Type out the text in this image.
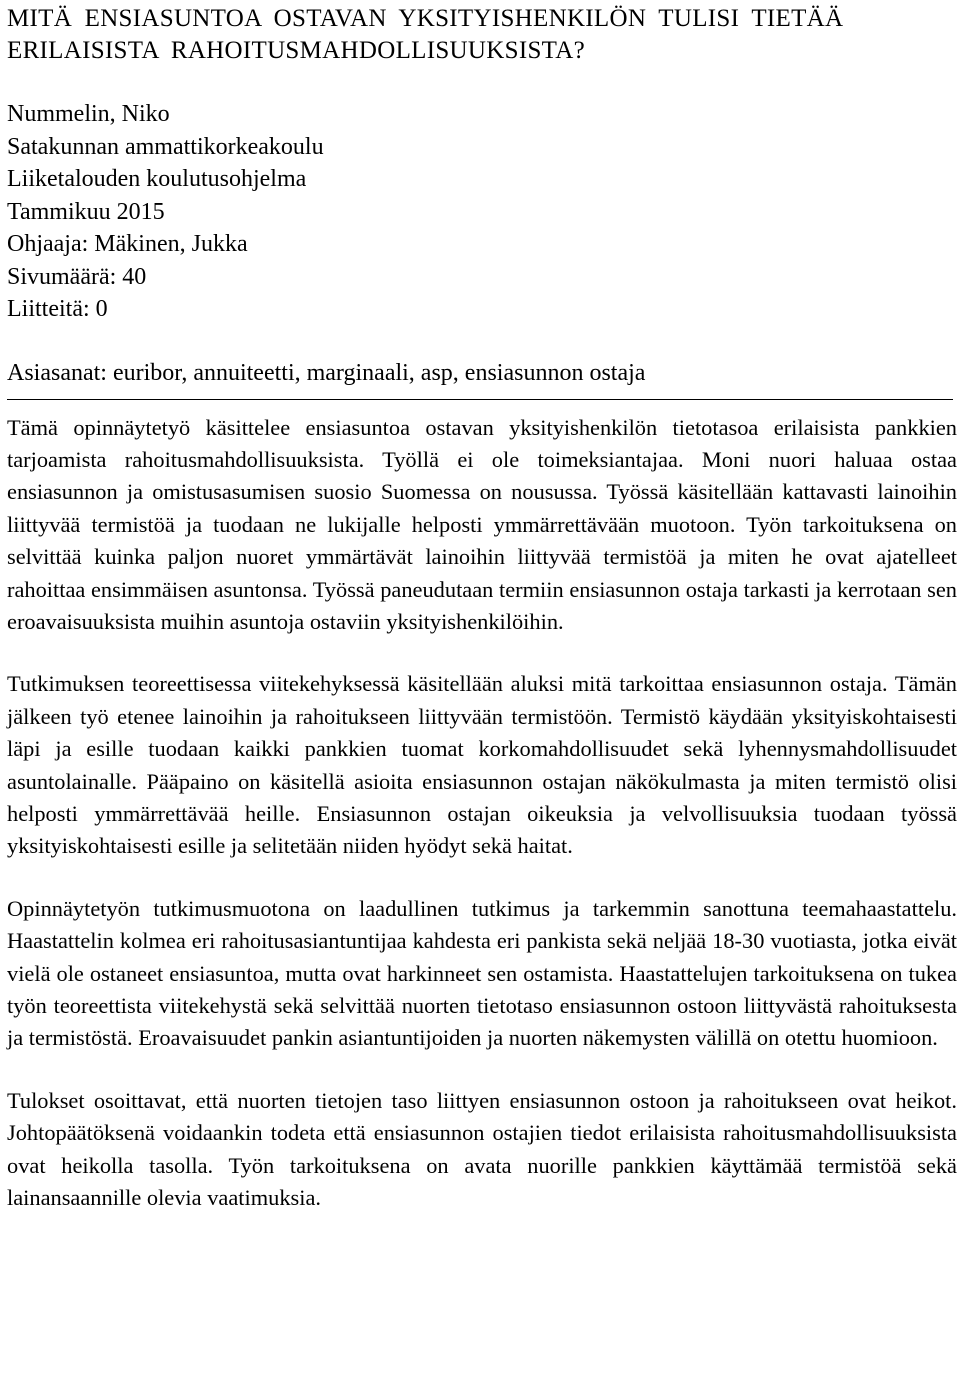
MITÄ ENSIASUNTOA OSTAVAN YKSITYISHENKILÖN TULISI TIETÄÄ ERILAISISTA RAHOITUSMAHDOLLISUUKSISTA?
Nummelin, Niko
Satakunnan ammattikorkeakoulu
Liiketalouden koulutusohjelma
Tammikuu 2015
Ohjaaja: Mäkinen, Jukka
Sivumäärä: 40
Liitteitä: 0
Asiasanat: euribor, annuiteetti, marginaali, asp, ensiasunnon ostaja

Tämä opinnäytetyö käsittelee ensiasuntoa ostavan yksityishenkilön tietotasoa erilaisista pankkien tarjoamista rahoitusmahdollisuuksista. Työllä ei ole toimeksiantajaa. Moni nuori haluaa ostaa ensiasunnon ja omistusasumisen suosio Suomessa on nousussa. Työssä käsitellään kattavasti lainoihin liittyvää termistöä ja tuodaan ne lukijalle helposti ymmärrettävään muotoon. Työn tarkoituksena on selvittää kuinka paljon nuoret ymmärtävät lainoihin liittyvää termistöä ja miten he ovat ajatelleet rahoittaa ensimmäisen asuntonsa. Työssä paneudutaan termiin ensiasunnon ostaja tarkasti ja kerrotaan sen eroavaisuuksista muihin asuntoja ostaviin yksityishenkilöihin.

Tutkimuksen teoreettisessa viitekehyksessä käsitellään aluksi mitä tarkoittaa ensiasunnon ostaja. Tämän jälkeen työ etenee lainoihin ja rahoitukseen liittyvään termistöön. Termistö käydään yksityiskohtaisesti läpi ja esille tuodaan kaikki pankkien tuomat korkomahdollisuudet sekä lyhennysmahdollisuudet asuntolainalle. Pääpaino on käsitellä asioita ensiasunnon ostajan näkökulmasta ja miten termistö olisi helposti ymmärrettävää heille. Ensiasunnon ostajan oikeuksia ja velvollisuuksia tuodaan työssä yksityiskohtaisesti esille ja selitetään niiden hyödyt sekä haitat.

Opinnäytetyön tutkimusmuotona on laadullinen tutkimus ja tarkemmin sanottuna teemahaastattelu. Haastattelin kolmea eri rahoitusasiantuntijaa kahdesta eri pankista sekä neljää 18-30 vuotiasta, jotka eivät vielä ole ostaneet ensiasuntoa, mutta ovat harkinneet sen ostamista. Haastattelujen tarkoituksena on tukea työn teoreettista viitekehystä sekä selvittää nuorten tietotaso ensiasunnon ostoon liittyvästä rahoituksesta ja termistöstä. Eroavaisuudet pankin asiantuntijoiden ja nuorten näkemysten välillä on otettu huomioon.

Tulokset osoittavat, että nuorten tietojen taso liittyen ensiasunnon ostoon ja rahoitukseen ovat heikot. Johtopäätöksenä voidaankin todeta että ensiasunnon ostajien tiedot erilaisista rahoitusmahdollisuuksista ovat heikolla tasolla. Työn tarkoituksena on avata nuorille pankkien käyttämää termistöä sekä lainansaannille olevia vaatimuksia.
